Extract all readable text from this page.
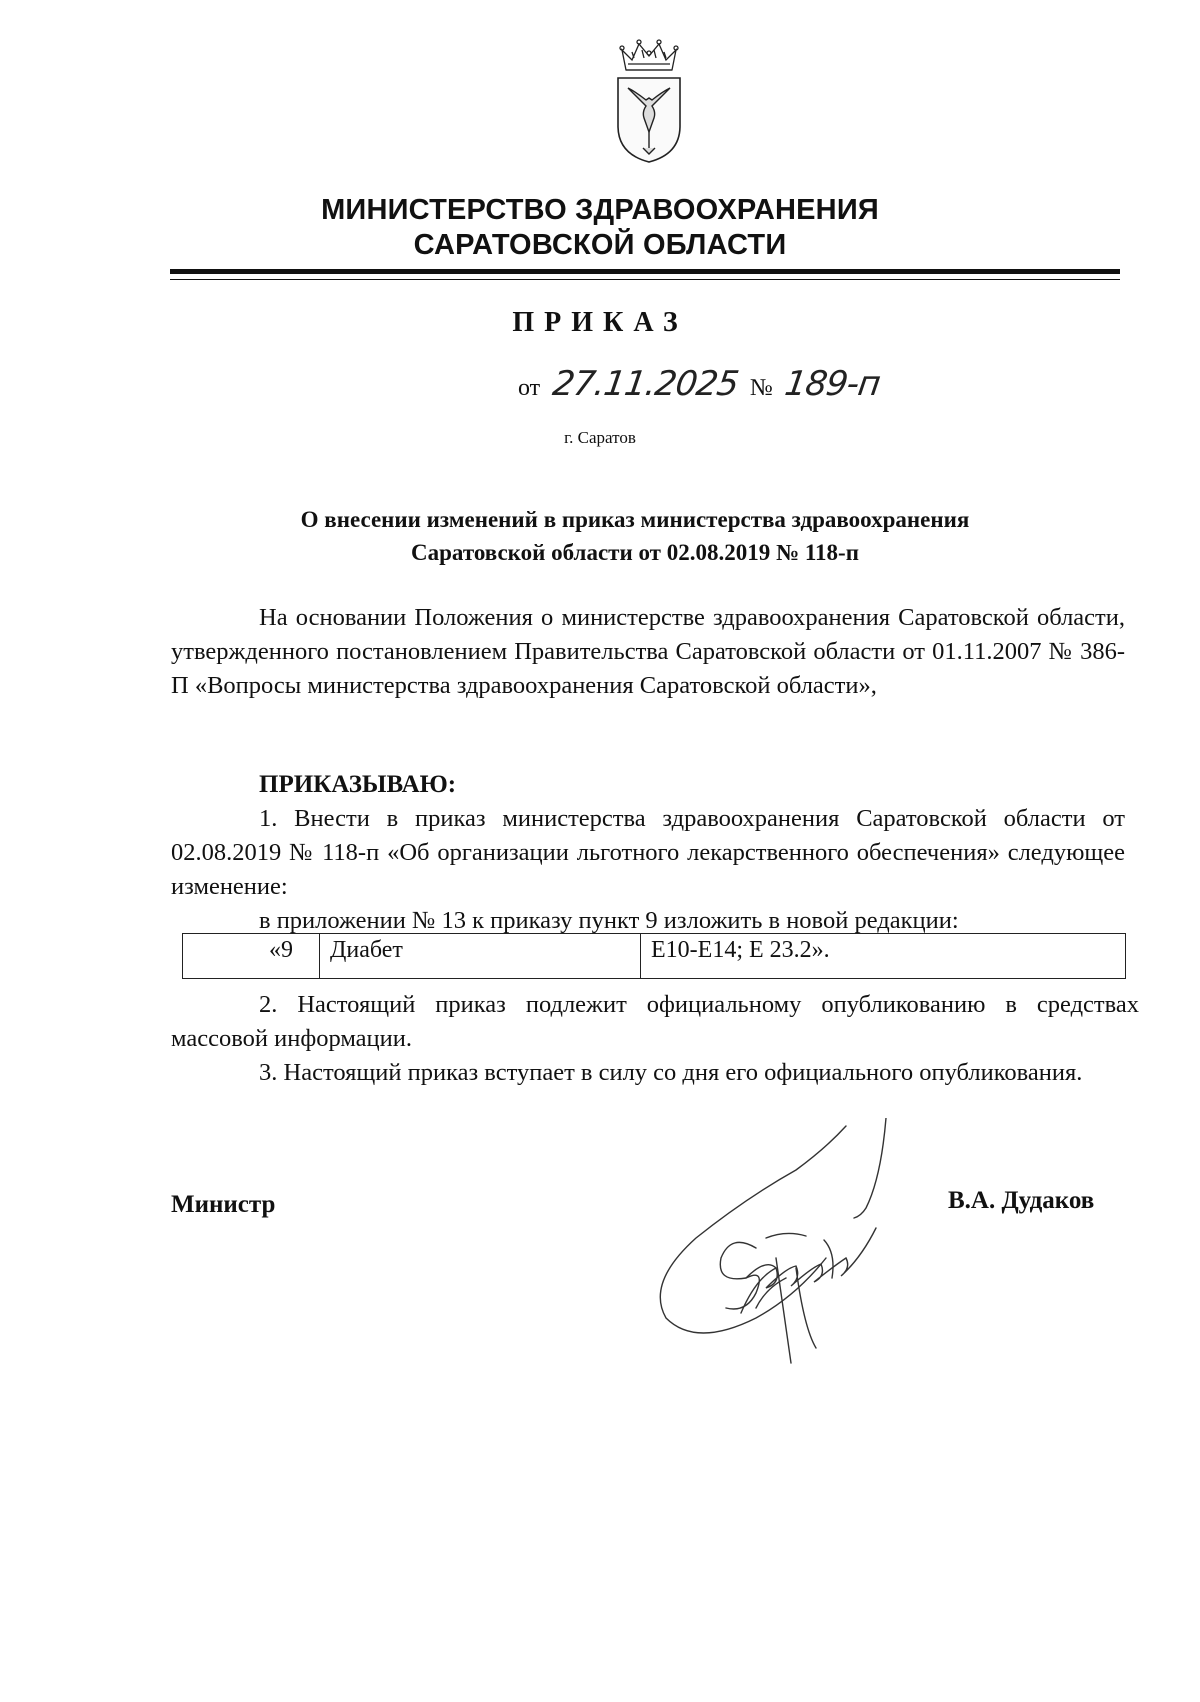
МИНИСТЕРСТВО ЗДРАВООХРАНЕНИЯ
САРАТОВСКОЙ ОБЛАСТИ
ПРИКАЗ
от 27.11.2025 № 189-п
г. Саратов
О внесении изменений в приказ министерства здравоохранения
Саратовской области от 02.08.2019 № 118-п
На основании Положения о министерстве здравоохранения Саратовской области, утвержденного постановлением Правительства Саратовской области от 01.11.2007 № 386-П «Вопросы министерства здравоохранения Саратовской области»,
ПРИКАЗЫВАЮ:
1. Внести в приказ министерства здравоохранения Саратовской области от 02.08.2019 № 118-п «Об организации льготного лекарственного обеспечения» следующее изменение:
в приложении № 13 к приказу пункт 9 изложить в новой редакции:
«9	Диабет	Е10-Е14; Е 23.2».
2. Настоящий приказ подлежит официальному опубликованию в средствах массовой информации.
3. Настоящий приказ вступает в силу со дня его официального опубликования.
Министр	В.А. Дудаков
